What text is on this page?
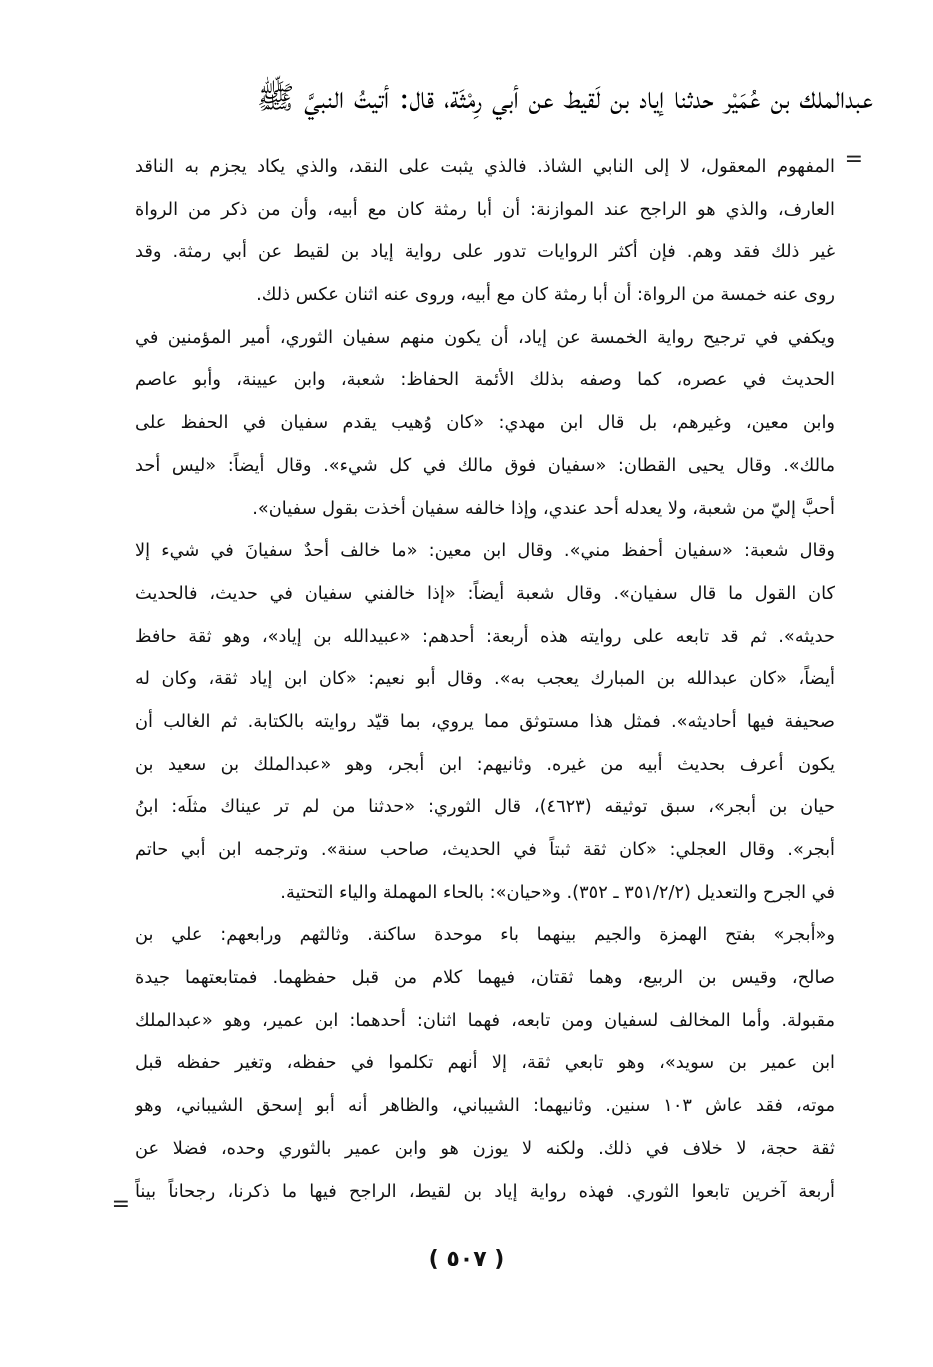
عبدالملك بن عُمَيْر حدثنا إياد بن لَقيط عن أبي رِمْثَة، قال: أتيتُ النبيَّ ﷺ
=
المفهوم المعقول، لا إلى النابي الشاذ. فالذي يثبت على النقد، والذي يكاد يجزم به الناقد
العارف، والذي هو الراجح عند الموازنة: أن أبا رمثة كان مع أبيه، وأن من ذكر من الرواة
غير ذلك فقد وهم. فإن أكثر الروايات تدور على رواية إياد بن لقيط عن أبي رمثة. وقد
روى عنه خمسة من الرواة: أن أبا رمثة كان مع أبيه، وروى عنه اثنان عكس ذلك.
ويكفي في ترجيح رواية الخمسة عن إياد، أن يكون منهم سفيان الثوري، أمير المؤمنين في
الحديث في عصره، كما وصفه بذلك الأئمة الحفاظ: شعبة، وابن عيينة، وأبو عاصم
وابن معين، وغيرهم، بل قال ابن مهدي: «كان وُهيب يقدم سفيان في الحفظ على
مالك». وقال يحيى القطان: «سفيان فوق مالك في كل شيء». وقال أيضاً: «ليس أحد
أحبَّ إليّ من شعبة، ولا يعدله أحد عندي، وإذا خالفه سفيان أخذت بقول سفيان».
وقال شعبة: «سفيان أحفظ مني». وقال ابن معين: «ما خالف أحدٌ سفيانَ في شيء إلا
كان القول ما قال سفيان». وقال شعبة أيضاً: «إذا خالفني سفيان في حديث، فالحديث
حديثه». ثم قد تابعه على روايته هذه أربعة: أحدهم: «عبيدالله بن إياد»، وهو ثقة حافظ
أيضاً، «كان عبدالله بن المبارك يعجب به». وقال أبو نعيم: «كان ابن إياد ثقة، وكان له
صحيفة فيها أحاديثه». فمثل هذا مستوثق مما يروي، بما قيّد روايته بالكتابة. ثم الغالب أن
يكون أعرف بحديث أبيه من غيره. وثانيهم: ابن أبجر، وهو «عبدالملك بن سعيد بن
حيان بن أبجر»، سبق توثيقه (٤٦٢٣)، قال الثوري: «حدثنا من لم تر عيناك مثلَه: ابنُ
أبجر». وقال العجلي: «كان ثقة ثبتاً في الحديث، صاحب سنة». وترجمه ابن أبي حاتم
في الجرح والتعديل (٣٥١/٢/٢ ـ ٣٥٢). و«حيان»: بالحاء المهملة والياء التحتية.
و«أبجر» بفتح الهمزة والجيم بينهما باء موحدة ساكنة. وثالثهم ورابعهم: علي بن
صالح، وقيس بن الربيع، وهما ثقتان، فيهما كلام من قبل حفظهما. فمتابعتهما جيدة
مقبولة. وأما المخالف لسفيان ومن تابعه، فهما اثنان: أحدهما: ابن عمير، وهو «عبدالملك
ابن عمير بن سويد»، وهو تابعي ثقة، إلا أنهم تكلموا في حفظه، وتغير حفظه قبل
موته، فقد عاش ١٠٣ سنين. وثانيهما: الشيباني، والظاهر أنه أبو إسحق الشيباني، وهو
ثقة حجة، لا خلاف في ذلك. ولكنه لا يوزن هو وابن عمير بالثوري وحده، فضلا عن
أربعة آخرين تابعوا الثوري. فهذه رواية إياد بن لقيط، الراجح فيها ما ذكرنا، رجحاناً بيناً
=
( ٥٠٧ )
